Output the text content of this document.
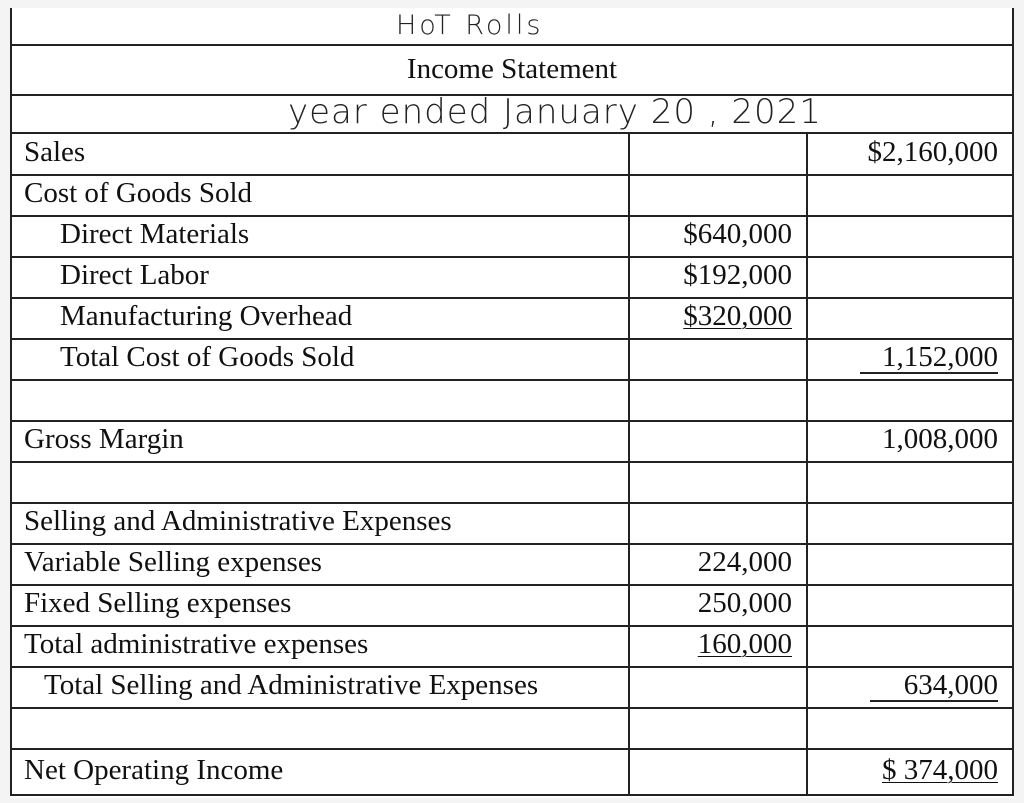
HoT Rolls
Income Statement
year ended January 20 , 2021
Sales	$2,160,000
Cost of Goods Sold
Direct Materials	$640,000
Direct Labor	$192,000
Manufacturing Overhead	$320,000
Total Cost of Goods Sold	1,152,000
Gross Margin	1,008,000
Selling and Administrative Expenses
Variable Selling expenses	224,000
Fixed Selling expenses	250,000
Total administrative expenses	160,000
Total Selling and Administrative Expenses	634,000
Net Operating Income	$ 374,000
